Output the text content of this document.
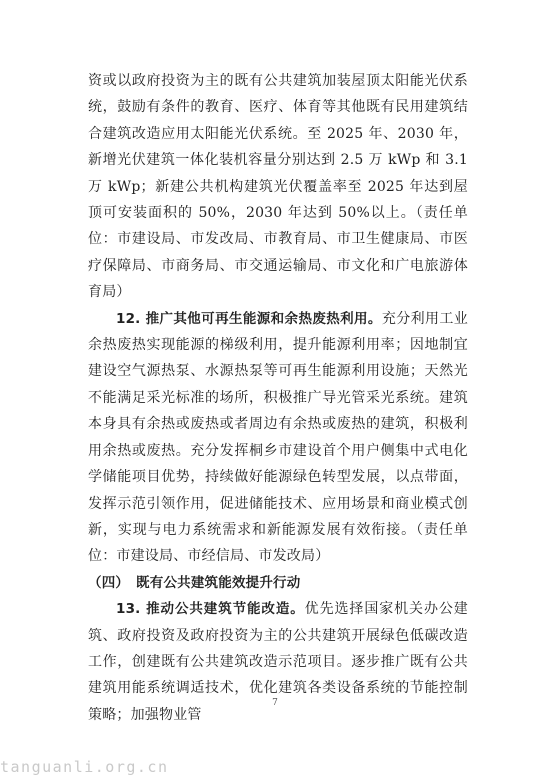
资或以政府投资为主的既有公共建筑加装屋顶太阳能光伏系统，鼓励有条件的教育、医疗、体育等其他既有民用建筑结合建筑改造应用太阳能光伏系统。至 2025 年、2030 年，新增光伏建筑一体化装机容量分别达到 2.5 万 kWp 和 3.1 万 kWp；新建公共机构建筑光伏覆盖率至 2025 年达到屋顶可安装面积的 50%，2030 年达到 50%以上。（责任单位：市建设局、市发改局、市教育局、市卫生健康局、市医疗保障局、市商务局、市交通运输局、市文化和广电旅游体育局）

12. 推广其他可再生能源和余热废热利用。充分利用工业余热废热实现能源的梯级利用，提升能源利用率；因地制宜建设空气源热泵、水源热泵等可再生能源利用设施；天然光不能满足采光标准的场所，积极推广导光管采光系统。建筑本身具有余热或废热或者周边有余热或废热的建筑，积极利用余热或废热。充分发挥桐乡市建设首个用户侧集中式电化学储能项目优势，持续做好能源绿色转型发展，以点带面，发挥示范引领作用，促进储能技术、应用场景和商业模式创新，实现与电力系统需求和新能源发展有效衔接。（责任单位：市建设局、市经信局、市发改局）

（四）　既有公共建筑能效提升行动

13. 推动公共建筑节能改造。优先选择国家机关办公建筑、政府投资及政府投资为主的公共建筑开展绿色低碳改造工作，创建既有公共建筑改造示范项目。逐步推广既有公共建筑用能系统调适技术，优化建筑各类设备系统的节能控制策略；加强物业管

7
tanguanli.org.cn
